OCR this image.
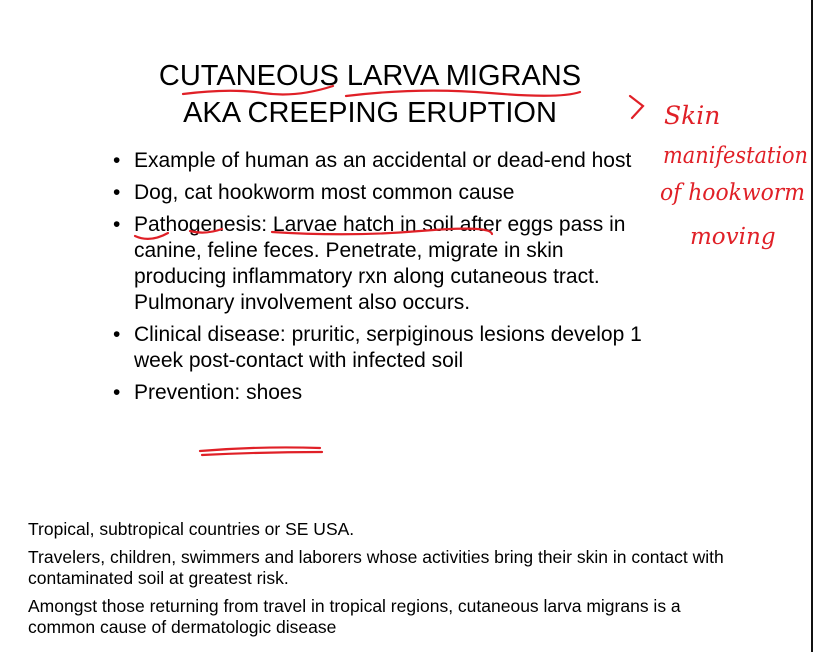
CUTANEOUS LARVA MIGRANS
AKA CREEPING ERUPTION
• Example of human as an accidental or dead-end host
• Dog, cat hookworm most common cause
• Pathogenesis: Larvae hatch in soil after eggs pass in canine, feline feces. Penetrate, migrate in skin producing inflammatory rxn along cutaneous tract. Pulmonary involvement also occurs.
• Clinical disease: pruritic, serpiginous lesions develop 1 week post-contact with infected soil
• Prevention: shoes

Tropical, subtropical countries or SE USA.

Travelers, children, swimmers and laborers whose activities bring their skin in contact with contaminated soil at greatest risk.

Amongst those returning from travel in tropical regions, cutaneous larva migrans is a common cause of dermatologic disease

Skin
manifestation
of hookworm
moving
